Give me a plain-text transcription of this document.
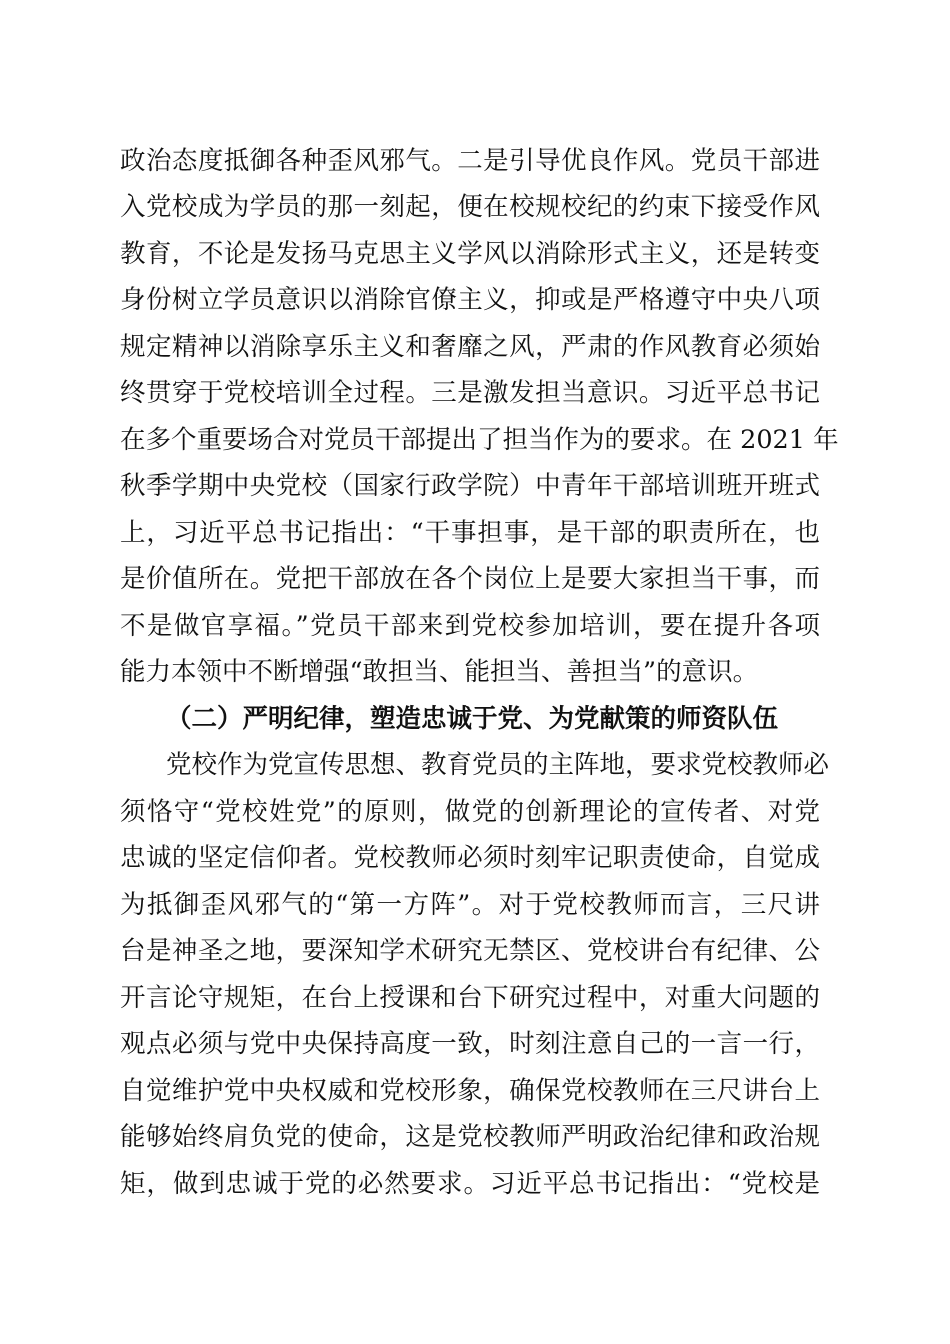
政治态度抵御各种歪风邪气。二是引导优良作风。党员干部进
入党校成为学员的那一刻起，便在校规校纪的约束下接受作风
教育，不论是发扬马克思主义学风以消除形式主义，还是转变
身份树立学员意识以消除官僚主义，抑或是严格遵守中央八项
规定精神以消除享乐主义和奢靡之风，严肃的作风教育必须始
终贯穿于党校培训全过程。三是激发担当意识。习近平总书记
在多个重要场合对党员干部提出了担当作为的要求。在 2021 年
秋季学期中央党校（国家行政学院）中青年干部培训班开班式
上，习近平总书记指出：“干事担事，是干部的职责所在，也
是价值所在。党把干部放在各个岗位上是要大家担当干事，而
不是做官享福。”党员干部来到党校参加培训，要在提升各项
能力本领中不断增强“敢担当、能担当、善担当”的意识。
（二）严明纪律，塑造忠诚于党、为党献策的师资队伍
党校作为党宣传思想、教育党员的主阵地，要求党校教师必
须恪守“党校姓党”的原则，做党的创新理论的宣传者、对党
忠诚的坚定信仰者。党校教师必须时刻牢记职责使命，自觉成
为抵御歪风邪气的“第一方阵”。对于党校教师而言，三尺讲
台是神圣之地，要深知学术研究无禁区、党校讲台有纪律、公
开言论守规矩，在台上授课和台下研究过程中，对重大问题的
观点必须与党中央保持高度一致，时刻注意自己的一言一行，
自觉维护党中央权威和党校形象，确保党校教师在三尺讲台上
能够始终肩负党的使命，这是党校教师严明政治纪律和政治规
矩，做到忠诚于党的必然要求。习近平总书记指出：“党校是
